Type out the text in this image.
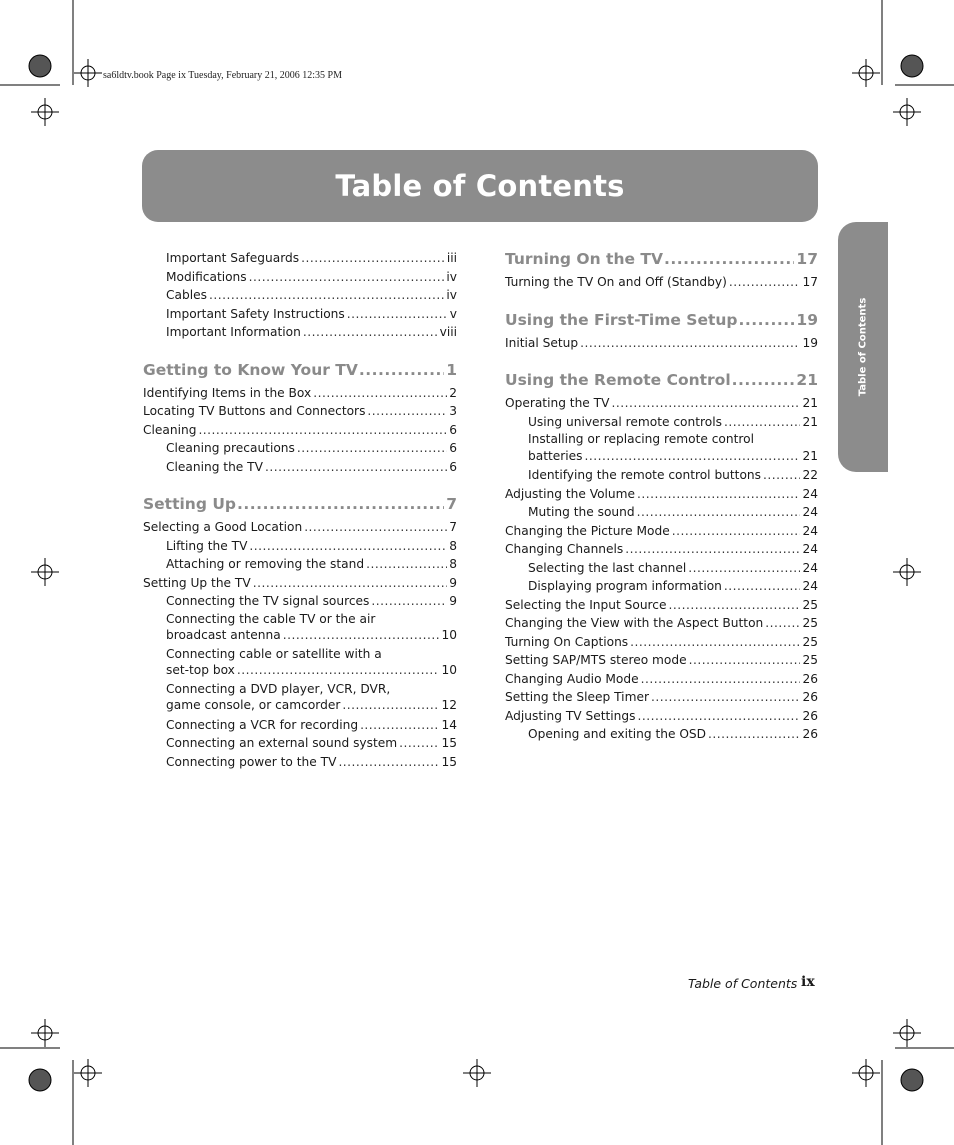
sa6ldtv.book Page ix Tuesday, February 21, 2006 12:35 PM
Table of Contents
Table of Contents
Important Safeguards .....	iii
Modifications .....	iv
Cables .....	iv
Important Safety Instructions .....	v
Important Information .....	viii
Getting to Know Your TV .....	1
Identifying Items in the Box .....	2
Locating TV Buttons and Connectors .....	3
Cleaning .....	6
Cleaning precautions .....	6
Cleaning the TV .....	6
Setting Up .....	7
Selecting a Good Location .....	7
Lifting the TV .....	8
Attaching or removing the stand .....	8
Setting Up the TV .....	9
Connecting the TV signal sources .....	9
Connecting the cable TV or the air
broadcast antenna .....	10
Connecting cable or satellite with a
set-top box .....	10
Connecting a DVD player, VCR, DVR,
game console, or camcorder .....	12
Connecting a VCR for recording .....	14
Connecting an external sound system .....	15
Connecting power to the TV .....	15
Turning On the TV .....	17
Turning the TV On and Off (Standby) .....	17
Using the First-Time Setup .....	19
Initial Setup .....	19
Using the Remote Control .....	21
Operating the TV .....	21
Using universal remote controls .....	21
Installing or replacing remote control
batteries .....	21
Identifying the remote control buttons .....	22
Adjusting the Volume .....	24
Muting the sound .....	24
Changing the Picture Mode .....	24
Changing Channels .....	24
Selecting the last channel .....	24
Displaying program information .....	24
Selecting the Input Source .....	25
Changing the View with the Aspect Button .....	25
Turning On Captions .....	25
Setting SAP/MTS stereo mode .....	25
Changing Audio Mode .....	26
Setting the Sleep Timer .....	26
Adjusting TV Settings .....	26
Opening and exiting the OSD .....	26
Table of Contents ix
